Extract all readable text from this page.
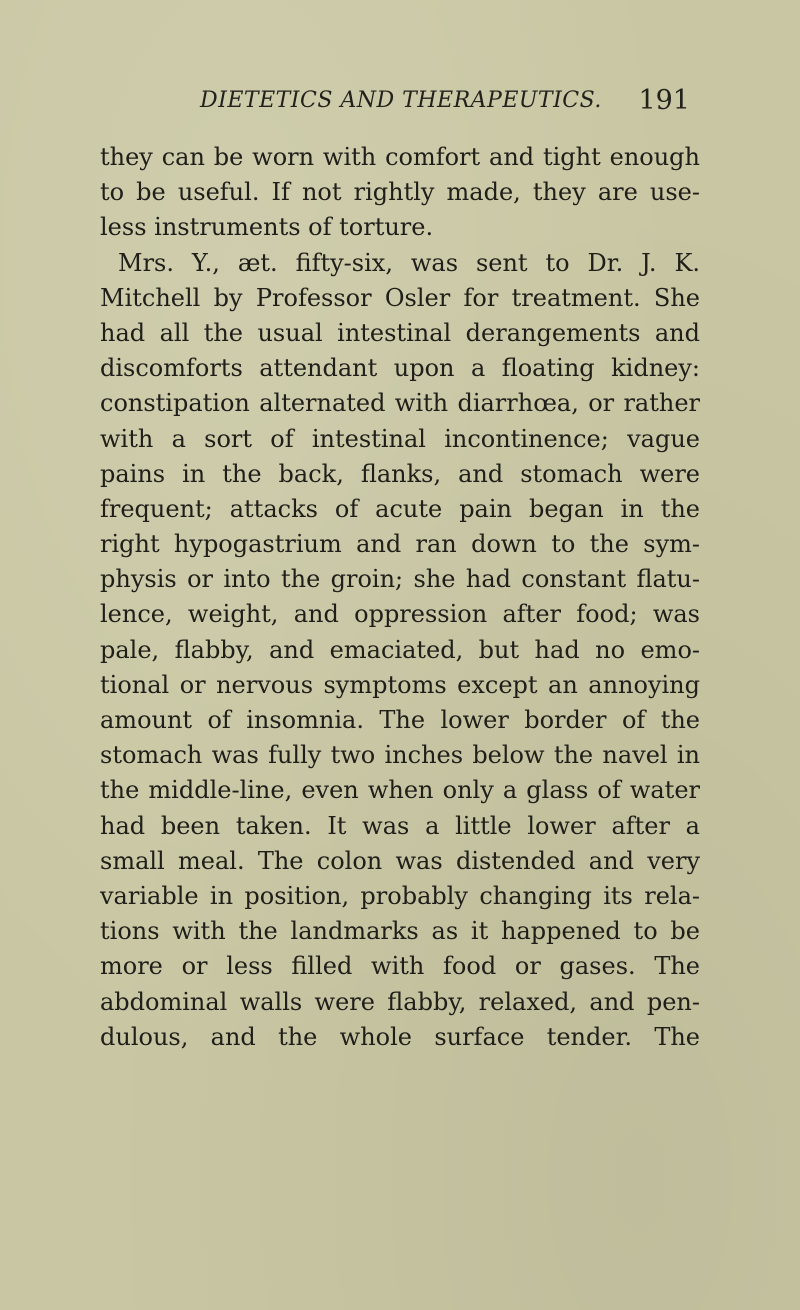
DIETETICS AND THERAPEUTICS. 191
they can be worn with comfort and tight enough
to be useful. If not rightly made, they are use-
less instruments of torture.
Mrs. Y., æt. fifty-six, was sent to Dr. J. K.
Mitchell by Professor Osler for treatment. She
had all the usual intestinal derangements and
discomforts attendant upon a floating kidney:
constipation alternated with diarrhœa, or rather
with a sort of intestinal incontinence; vague
pains in the back, flanks, and stomach were
frequent; attacks of acute pain began in the
right hypogastrium and ran down to the sym-
physis or into the groin; she had constant flatu-
lence, weight, and oppression after food; was
pale, flabby, and emaciated, but had no emo-
tional or nervous symptoms except an annoying
amount of insomnia. The lower border of the
stomach was fully two inches below the navel in
the middle-line, even when only a glass of water
had been taken. It was a little lower after a
small meal. The colon was distended and very
variable in position, probably changing its rela-
tions with the landmarks as it happened to be
more or less filled with food or gases. The
abdominal walls were flabby, relaxed, and pen-
dulous, and the whole surface tender. The
